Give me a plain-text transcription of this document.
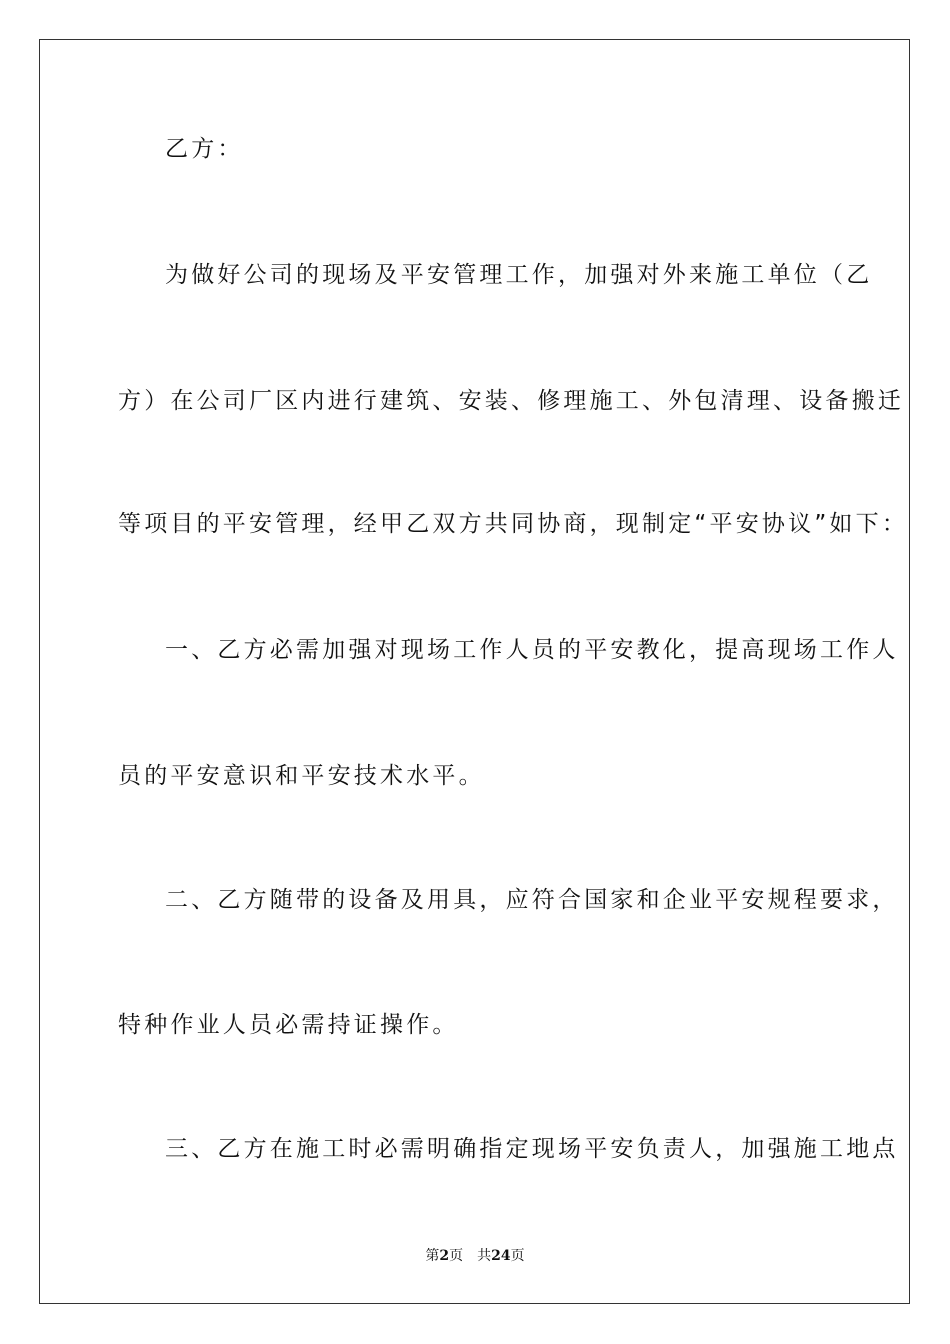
乙方：
为做好公司的现场及平安管理工作，加强对外来施工单位（乙
方）在公司厂区内进行建筑、安装、修理施工、外包清理、设备搬迁
等项目的平安管理，经甲乙双方共同协商，现制定“平安协议”如下：
一、乙方必需加强对现场工作人员的平安教化，提高现场工作人
员的平安意识和平安技术水平。
二、乙方随带的设备及用具，应符合国家和企业平安规程要求，
特种作业人员必需持证操作。
三、乙方在施工时必需明确指定现场平安负责人，加强施工地点
第2页 共24页
